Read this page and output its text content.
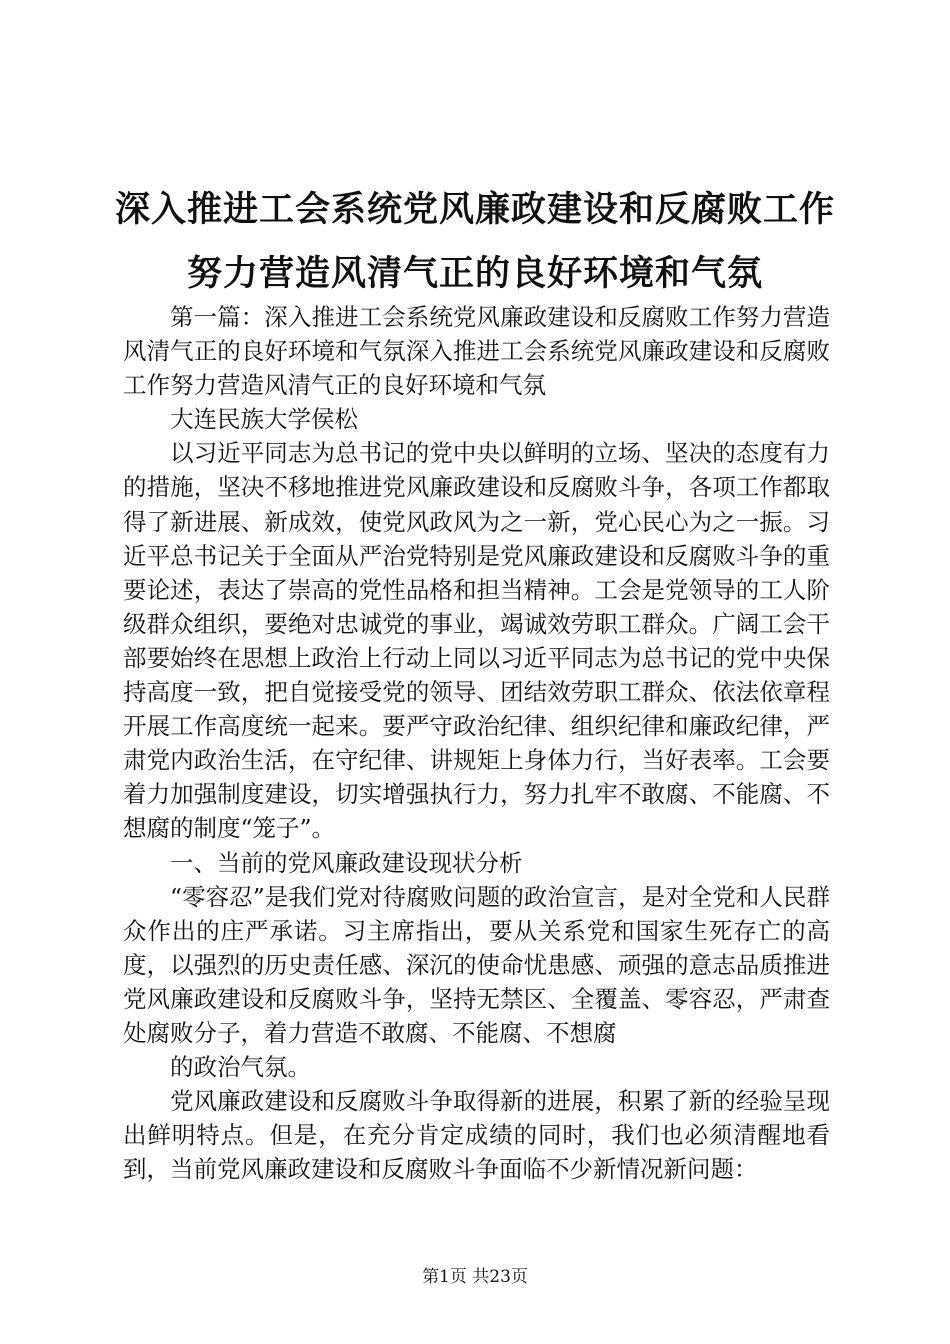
深入推进工会系统党风廉政建设和反腐败工作
努力营造风清气正的良好环境和气氛

第一篇：深入推进工会系统党风廉政建设和反腐败工作努力营造风清气正的良好环境和气氛深入推进工会系统党风廉政建设和反腐败工作努力营造风清气正的良好环境和气氛

大连民族大学侯松

以习近平同志为总书记的党中央以鲜明的立场、坚决的态度有力的措施，坚决不移地推进党风廉政建设和反腐败斗争，各项工作都取得了新进展、新成效，使党风政风为之一新，党心民心为之一振。习近平总书记关于全面从严治党特别是党风廉政建设和反腐败斗争的重要论述，表达了崇高的党性品格和担当精神。工会是党领导的工人阶级群众组织，要绝对忠诚党的事业，竭诚效劳职工群众。广阔工会干部要始终在思想上政治上行动上同以习近平同志为总书记的党中央保持高度一致，把自觉接受党的领导、团结效劳职工群众、依法依章程开展工作高度统一起来。要严守政治纪律、组织纪律和廉政纪律，严肃党内政治生活，在守纪律、讲规矩上身体力行，当好表率。工会要着力加强制度建设，切实增强执行力，努力扎牢不敢腐、不能腐、不想腐的制度“笼子”。

一、当前的党风廉政建设现状分析

“零容忍”是我们党对待腐败问题的政治宣言，是对全党和人民群众作出的庄严承诺。习主席指出，要从关系党和国家生死存亡的高度，以强烈的历史责任感、深沉的使命忧患感、顽强的意志品质推进党风廉政建设和反腐败斗争，坚持无禁区、全覆盖、零容忍，严肃查处腐败分子，着力营造不敢腐、不能腐、不想腐

的政治气氛。

党风廉政建设和反腐败斗争取得新的进展，积累了新的经验呈现出鲜明特点。但是，在充分肯定成绩的同时，我们也必须清醒地看到，当前党风廉政建设和反腐败斗争面临不少新情况新问题：

第1页 共23页
